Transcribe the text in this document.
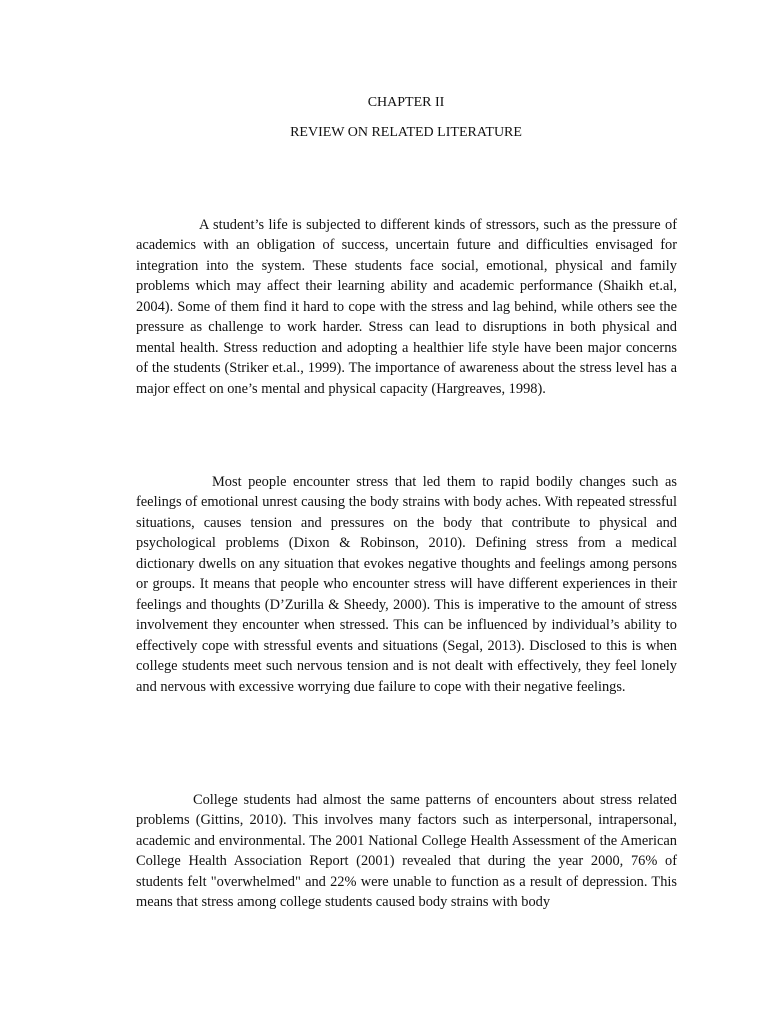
CHAPTER II
REVIEW ON RELATED LITERATURE

A student’s life is subjected to different kinds of stressors, such as the pressure of academics with an obligation of success, uncertain future and difficulties envisaged for integration into the system. These students face social, emotional, physical and family problems which may affect their learning ability and academic performance (Shaikh et.al, 2004). Some of them find it hard to cope with the stress and lag behind, while others see the pressure as challenge to work harder. Stress can lead to disruptions in both physical and mental health. Stress reduction and adopting a healthier life style have been major concerns of the students (Striker et.al., 1999). The importance of awareness about the stress level has a major effect on one’s mental and physical capacity (Hargreaves, 1998).

Most people encounter stress that led them to rapid bodily changes such as feelings of emotional unrest causing the body strains with body aches. With repeated stressful situations, causes tension and pressures on the body that contribute to physical and psychological problems (Dixon & Robinson, 2010). Defining stress from a medical dictionary dwells on any situation that evokes negative thoughts and feelings among persons or groups. It means that people who encounter stress will have different experiences in their feelings and thoughts (D’Zurilla & Sheedy, 2000). This is imperative to the amount of stress involvement they encounter when stressed. This can be influenced by individual’s ability to effectively cope with stressful events and situations (Segal, 2013). Disclosed to this is when college students meet such nervous tension and is not dealt with effectively, they feel lonely and nervous with excessive worrying due failure to cope with their negative feelings.

College students had almost the same patterns of encounters about stress related problems (Gittins, 2010). This involves many factors such as interpersonal, intrapersonal, academic and environmental. The 2001 National College Health Assessment of the American College Health Association Report (2001) revealed that during the year 2000, 76% of students felt "overwhelmed" and 22% were unable to function as a result of depression. This means that stress among college students caused body strains with body
